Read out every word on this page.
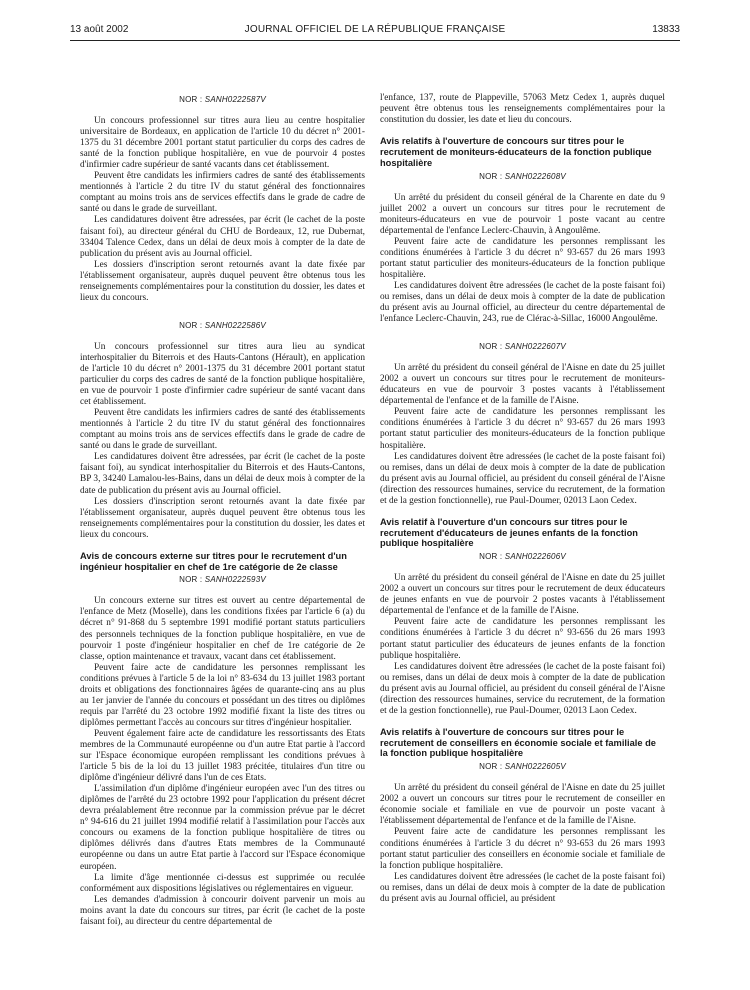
13 août 2002	JOURNAL OFFICIEL DE LA RÉPUBLIQUE FRANÇAISE	13833
NOR : SANH0222587V

Un concours professionnel sur titres aura lieu au centre hospitalier universitaire de Bordeaux, en application de l'article 10 du décret n° 2001-1375 du 31 décembre 2001 portant statut particulier du corps des cadres de santé de la fonction publique hospitalière, en vue de pourvoir 4 postes d'infirmier cadre supérieur de santé vacants dans cet établissement.

Peuvent être candidats les infirmiers cadres de santé des établissements mentionnés à l'article 2 du titre IV du statut général des fonctionnaires comptant au moins trois ans de services effectifs dans le grade de cadre de santé ou dans le grade de surveillant.

Les candidatures doivent être adressées, par écrit (le cachet de la poste faisant foi), au directeur général du CHU de Bordeaux, 12, rue Dubernat, 33404 Talence Cedex, dans un délai de deux mois à compter de la date de publication du présent avis au Journal officiel.

Les dossiers d'inscription seront retournés avant la date fixée par l'établissement organisateur, auprès duquel peuvent être obtenus tous les renseignements complémentaires pour la constitution du dossier, les dates et lieux du concours.

NOR : SANH0222586V

Un concours professionnel sur titres aura lieu au syndicat interhospitalier du Biterrois et des Hauts-Cantons (Hérault), en application de l'article 10 du décret n° 2001-1375 du 31 décembre 2001 portant statut particulier du corps des cadres de santé de la fonction publique hospitalière, en vue de pourvoir 1 poste d'infirmier cadre supérieur de santé vacant dans cet établissement.

Peuvent être candidats les infirmiers cadres de santé des établissements mentionnés à l'article 2 du titre IV du statut général des fonctionnaires comptant au moins trois ans de services effectifs dans le grade de cadre de santé ou dans le grade de surveillant.

Les candidatures doivent être adressées, par écrit (le cachet de la poste faisant foi), au syndicat interhospitalier du Biterrois et des Hauts-Cantons, BP 3, 34240 Lamalou-les-Bains, dans un délai de deux mois à compter de la date de publication du présent avis au Journal officiel.

Les dossiers d'inscription seront retournés avant la date fixée par l'établissement organisateur, auprès duquel peuvent être obtenus tous les renseignements complémentaires pour la constitution du dossier, les dates et lieux du concours.

Avis de concours externe sur titres pour le recrutement d'un ingénieur hospitalier en chef de 1re catégorie de 2e classe
NOR : SANH0222593V

Un concours externe sur titres est ouvert au centre départemental de l'enfance de Metz (Moselle), dans les conditions fixées par l'article 6 (a) du décret n° 91-868 du 5 septembre 1991 modifié portant statuts particuliers des personnels techniques de la fonction publique hospitalière, en vue de pourvoir 1 poste d'ingénieur hospitalier en chef de 1re catégorie de 2e classe, option maintenance et travaux, vacant dans cet établissement.

Peuvent faire acte de candidature les personnes remplissant les conditions prévues à l'article 5 de la loi n° 83-634 du 13 juillet 1983 portant droits et obligations des fonctionnaires âgées de quarante-cinq ans au plus au 1er janvier de l'année du concours et possédant un des titres ou diplômes requis par l'arrêté du 23 octobre 1992 modifié fixant la liste des titres ou diplômes permettant l'accès au concours sur titres d'ingénieur hospitalier.

Peuvent également faire acte de candidature les ressortissants des Etats membres de la Communauté européenne ou d'un autre Etat partie à l'accord sur l'Espace économique européen remplissant les conditions prévues à l'article 5 bis de la loi du 13 juillet 1983 précitée, titulaires d'un titre ou diplôme d'ingénieur délivré dans l'un de ces Etats.

L'assimilation d'un diplôme d'ingénieur européen avec l'un des titres ou diplômes de l'arrêté du 23 octobre 1992 pour l'application du présent décret devra préalablement être reconnue par la commission prévue par le décret n° 94-616 du 21 juillet 1994 modifié relatif à l'assimilation pour l'accès aux concours ou examens de la fonction publique hospitalière de titres ou diplômes délivrés dans d'autres Etats membres de la Communauté européenne ou dans un autre Etat partie à l'accord sur l'Espace économique européen.

La limite d'âge mentionnée ci-dessus est supprimée ou reculée conformément aux dispositions législatives ou réglementaires en vigueur.

Les demandes d'admission à concourir doivent parvenir un mois au moins avant la date du concours sur titres, par écrit (le cachet de la poste faisant foi), au directeur du centre départemental de

l'enfance, 137, route de Plappeville, 57063 Metz Cedex 1, auprès duquel peuvent être obtenus tous les renseignements complémentaires pour la constitution du dossier, les date et lieu du concours.

Avis relatifs à l'ouverture de concours sur titres pour le recrutement de moniteurs-éducateurs de la fonction publique hospitalière
NOR : SANH0222608V

Un arrêté du président du conseil général de la Charente en date du 9 juillet 2002 a ouvert un concours sur titres pour le recrutement de moniteurs-éducateurs en vue de pourvoir 1 poste vacant au centre départemental de l'enfance Leclerc-Chauvin, à Angoulême.

Peuvent faire acte de candidature les personnes remplissant les conditions énumérées à l'article 3 du décret n° 93-657 du 26 mars 1993 portant statut particulier des moniteurs-éducateurs de la fonction publique hospitalière.

Les candidatures doivent être adressées (le cachet de la poste faisant foi) ou remises, dans un délai de deux mois à compter de la date de publication du présent avis au Journal officiel, au directeur du centre départemental de l'enfance Leclerc-Chauvin, 243, rue de Clérac-à-Sillac, 16000 Angoulême.

NOR : SANH0222607V

Un arrêté du président du conseil général de l'Aisne en date du 25 juillet 2002 a ouvert un concours sur titres pour le recrutement de moniteurs-éducateurs en vue de pourvoir 3 postes vacants à l'établissement départemental de l'enfance et de la famille de l'Aisne.

Peuvent faire acte de candidature les personnes remplissant les conditions énumérées à l'article 3 du décret n° 93-657 du 26 mars 1993 portant statut particulier des moniteurs-éducateurs de la fonction publique hospitalière.

Les candidatures doivent être adressées (le cachet de la poste faisant foi) ou remises, dans un délai de deux mois à compter de la date de publication du présent avis au Journal officiel, au président du conseil général de l'Aisne (direction des ressources humaines, service du recrutement, de la formation et de la gestion fonctionnelle), rue Paul-Doumer, 02013 Laon Cedex.

Avis relatif à l'ouverture d'un concours sur titres pour le recrutement d'éducateurs de jeunes enfants de la fonction publique hospitalière
NOR : SANH0222606V

Un arrêté du président du conseil général de l'Aisne en date du 25 juillet 2002 a ouvert un concours sur titres pour le recrutement de deux éducateurs de jeunes enfants en vue de pourvoir 2 postes vacants à l'établissement départemental de l'enfance et de la famille de l'Aisne.

Peuvent faire acte de candidature les personnes remplissant les conditions énumérées à l'article 3 du décret n° 93-656 du 26 mars 1993 portant statut particulier des éducateurs de jeunes enfants de la fonction publique hospitalière.

Les candidatures doivent être adressées (le cachet de la poste faisant foi) ou remises, dans un délai de deux mois à compter de la date de publication du présent avis au Journal officiel, au président du conseil général de l'Aisne (direction des ressources humaines, service du recrutement, de la formation et de la gestion fonctionnelle), rue Paul-Doumer, 02013 Laon Cedex.

Avis relatifs à l'ouverture de concours sur titres pour le recrutement de conseillers en économie sociale et familiale de la fonction publique hospitalière
NOR : SANH0222605V

Un arrêté du président du conseil général de l'Aisne en date du 25 juillet 2002 a ouvert un concours sur titres pour le recrutement de conseiller en économie sociale et familiale en vue de pourvoir un poste vacant à l'établissement départemental de l'enfance et de la famille de l'Aisne.

Peuvent faire acte de candidature les personnes remplissant les conditions énumérées à l'article 3 du décret n° 93-653 du 26 mars 1993 portant statut particulier des conseillers en économie sociale et familiale de la fonction publique hospitalière.

Les candidatures doivent être adressées (le cachet de la poste faisant foi) ou remises, dans un délai de deux mois à compter de la date de publication du présent avis au Journal officiel, au président
